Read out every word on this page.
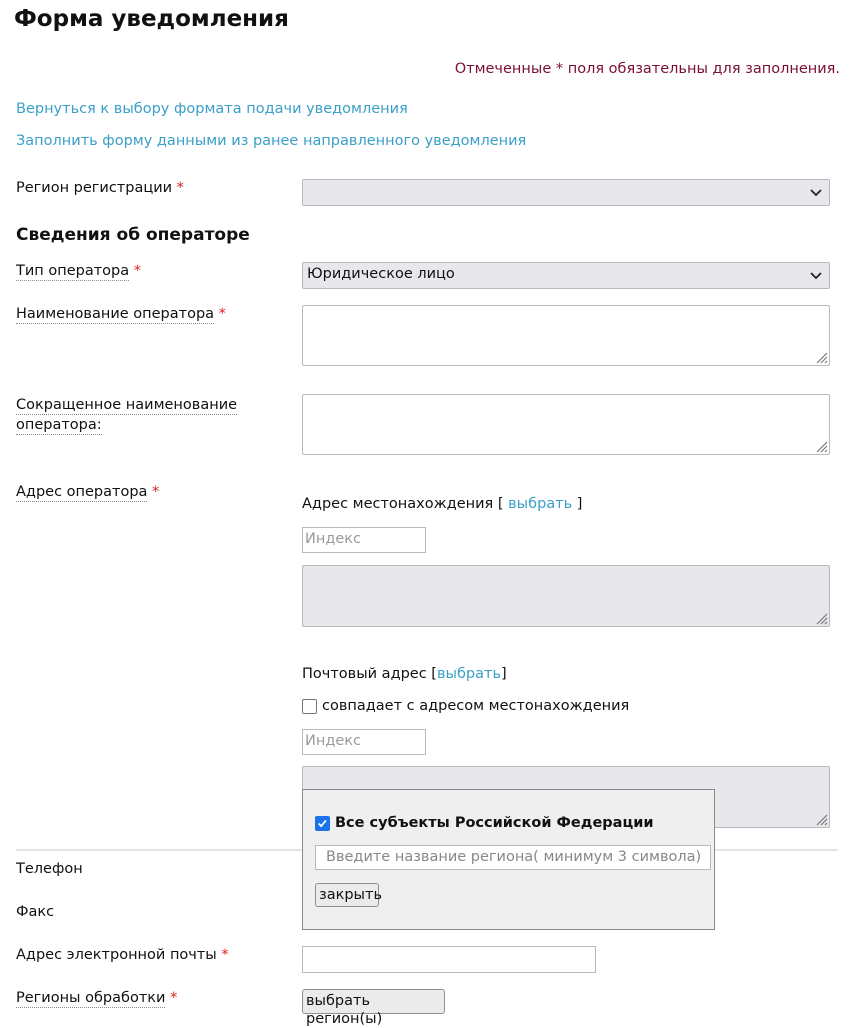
Форма уведомления
Отмеченные * поля обязательны для заполнения.
Вернуться к выбору формата подачи уведомления
Заполнить форму данными из ранее направленного уведомления
Регион регистрации *
Сведения об операторе
Тип оператора *	Юридическое лицо
Наименование оператора *
Сокращенное наименование
оператора:
Адрес оператора *
Адрес местонахождения [ выбрать ]
Индекс
Почтовый адрес [выбрать]
совпадает с адресом местонахождения
Индекс
Телефон
Факс
Адрес электронной почты *
Регионы обработки *	выбрать регион(ы)
Все субъекты Российской Федерации
Введите название региона( минимум 3 символа)
закрыть
